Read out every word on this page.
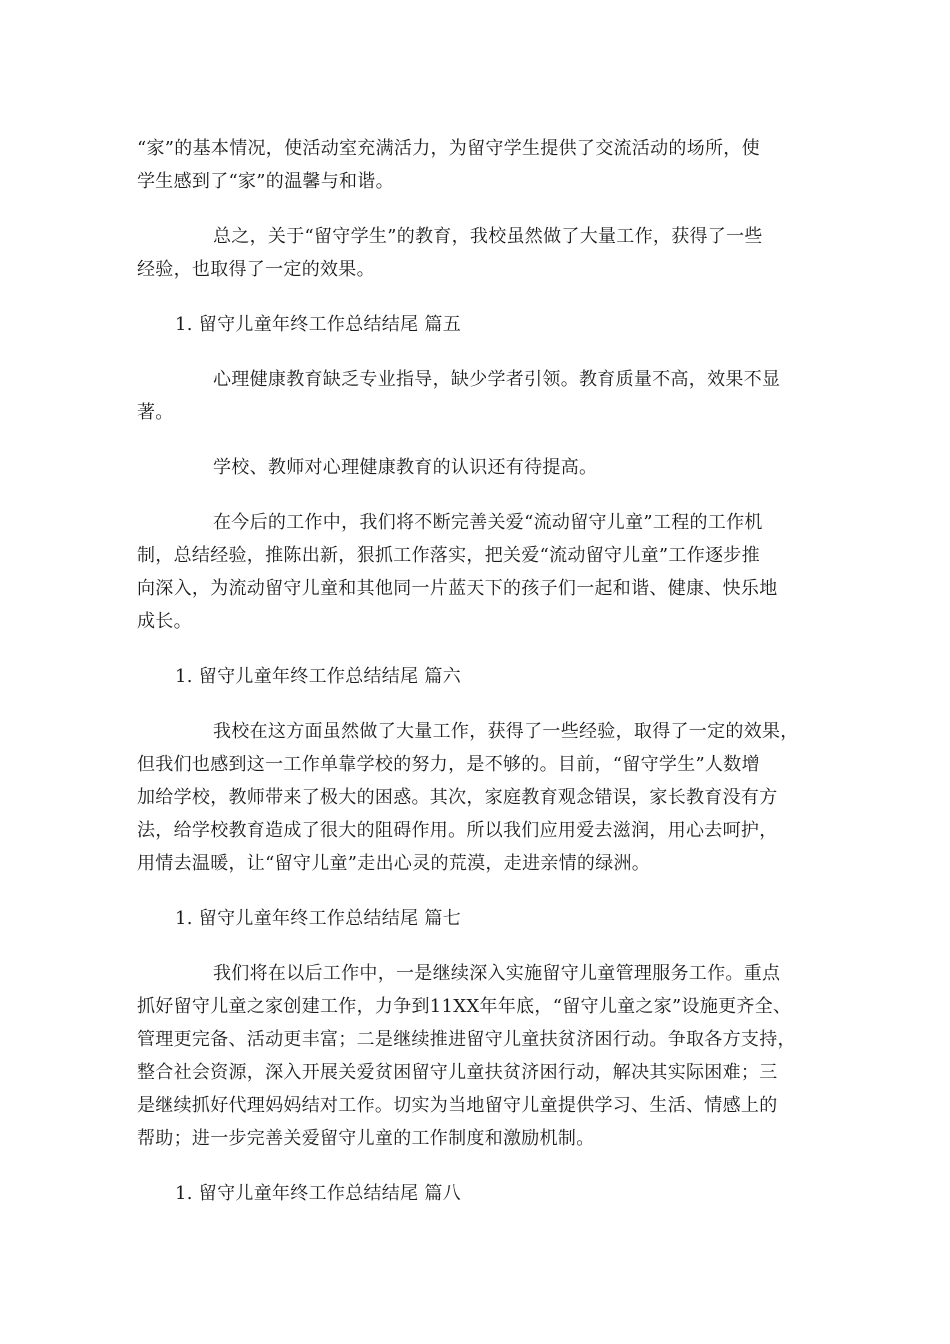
“家”的基本情况，使活动室充满活力，为留守学生提供了交流活动的场所，使
学生感到了“家”的温馨与和谐。

总之，关于“留守学生”的教育，我校虽然做了大量工作，获得了一些
经验，也取得了一定的效果。

1. 留守儿童年终工作总结结尾 篇五

心理健康教育缺乏专业指导，缺少学者引领。教育质量不高，效果不显
著。

学校、教师对心理健康教育的认识还有待提高。

在今后的工作中，我们将不断完善关爱“流动留守儿童”工程的工作机
制，总结经验，推陈出新，狠抓工作落实，把关爱“流动留守儿童”工作逐步推
向深入，为流动留守儿童和其他同一片蓝天下的孩子们一起和谐、健康、快乐地
成长。

1. 留守儿童年终工作总结结尾 篇六

我校在这方面虽然做了大量工作，获得了一些经验，取得了一定的效果，
但我们也感到这一工作单靠学校的努力，是不够的。目前，“留守学生”人数增
加给学校，教师带来了极大的困惑。其次，家庭教育观念错误，家长教育没有方
法，给学校教育造成了很大的阻碍作用。所以我们应用爱去滋润，用心去呵护，
用情去温暖，让“留守儿童”走出心灵的荒漠，走进亲情的绿洲。

1. 留守儿童年终工作总结结尾 篇七

我们将在以后工作中，一是继续深入实施留守儿童管理服务工作。重点
抓好留守儿童之家创建工作，力争到11XX年年底，“留守儿童之家”设施更齐全、
管理更完备、活动更丰富；二是继续推进留守儿童扶贫济困行动。争取各方支持，
整合社会资源，深入开展关爱贫困留守儿童扶贫济困行动，解决其实际困难；三
是继续抓好代理妈妈结对工作。切实为当地留守儿童提供学习、生活、情感上的
帮助；进一步完善关爱留守儿童的工作制度和激励机制。

1. 留守儿童年终工作总结结尾 篇八
